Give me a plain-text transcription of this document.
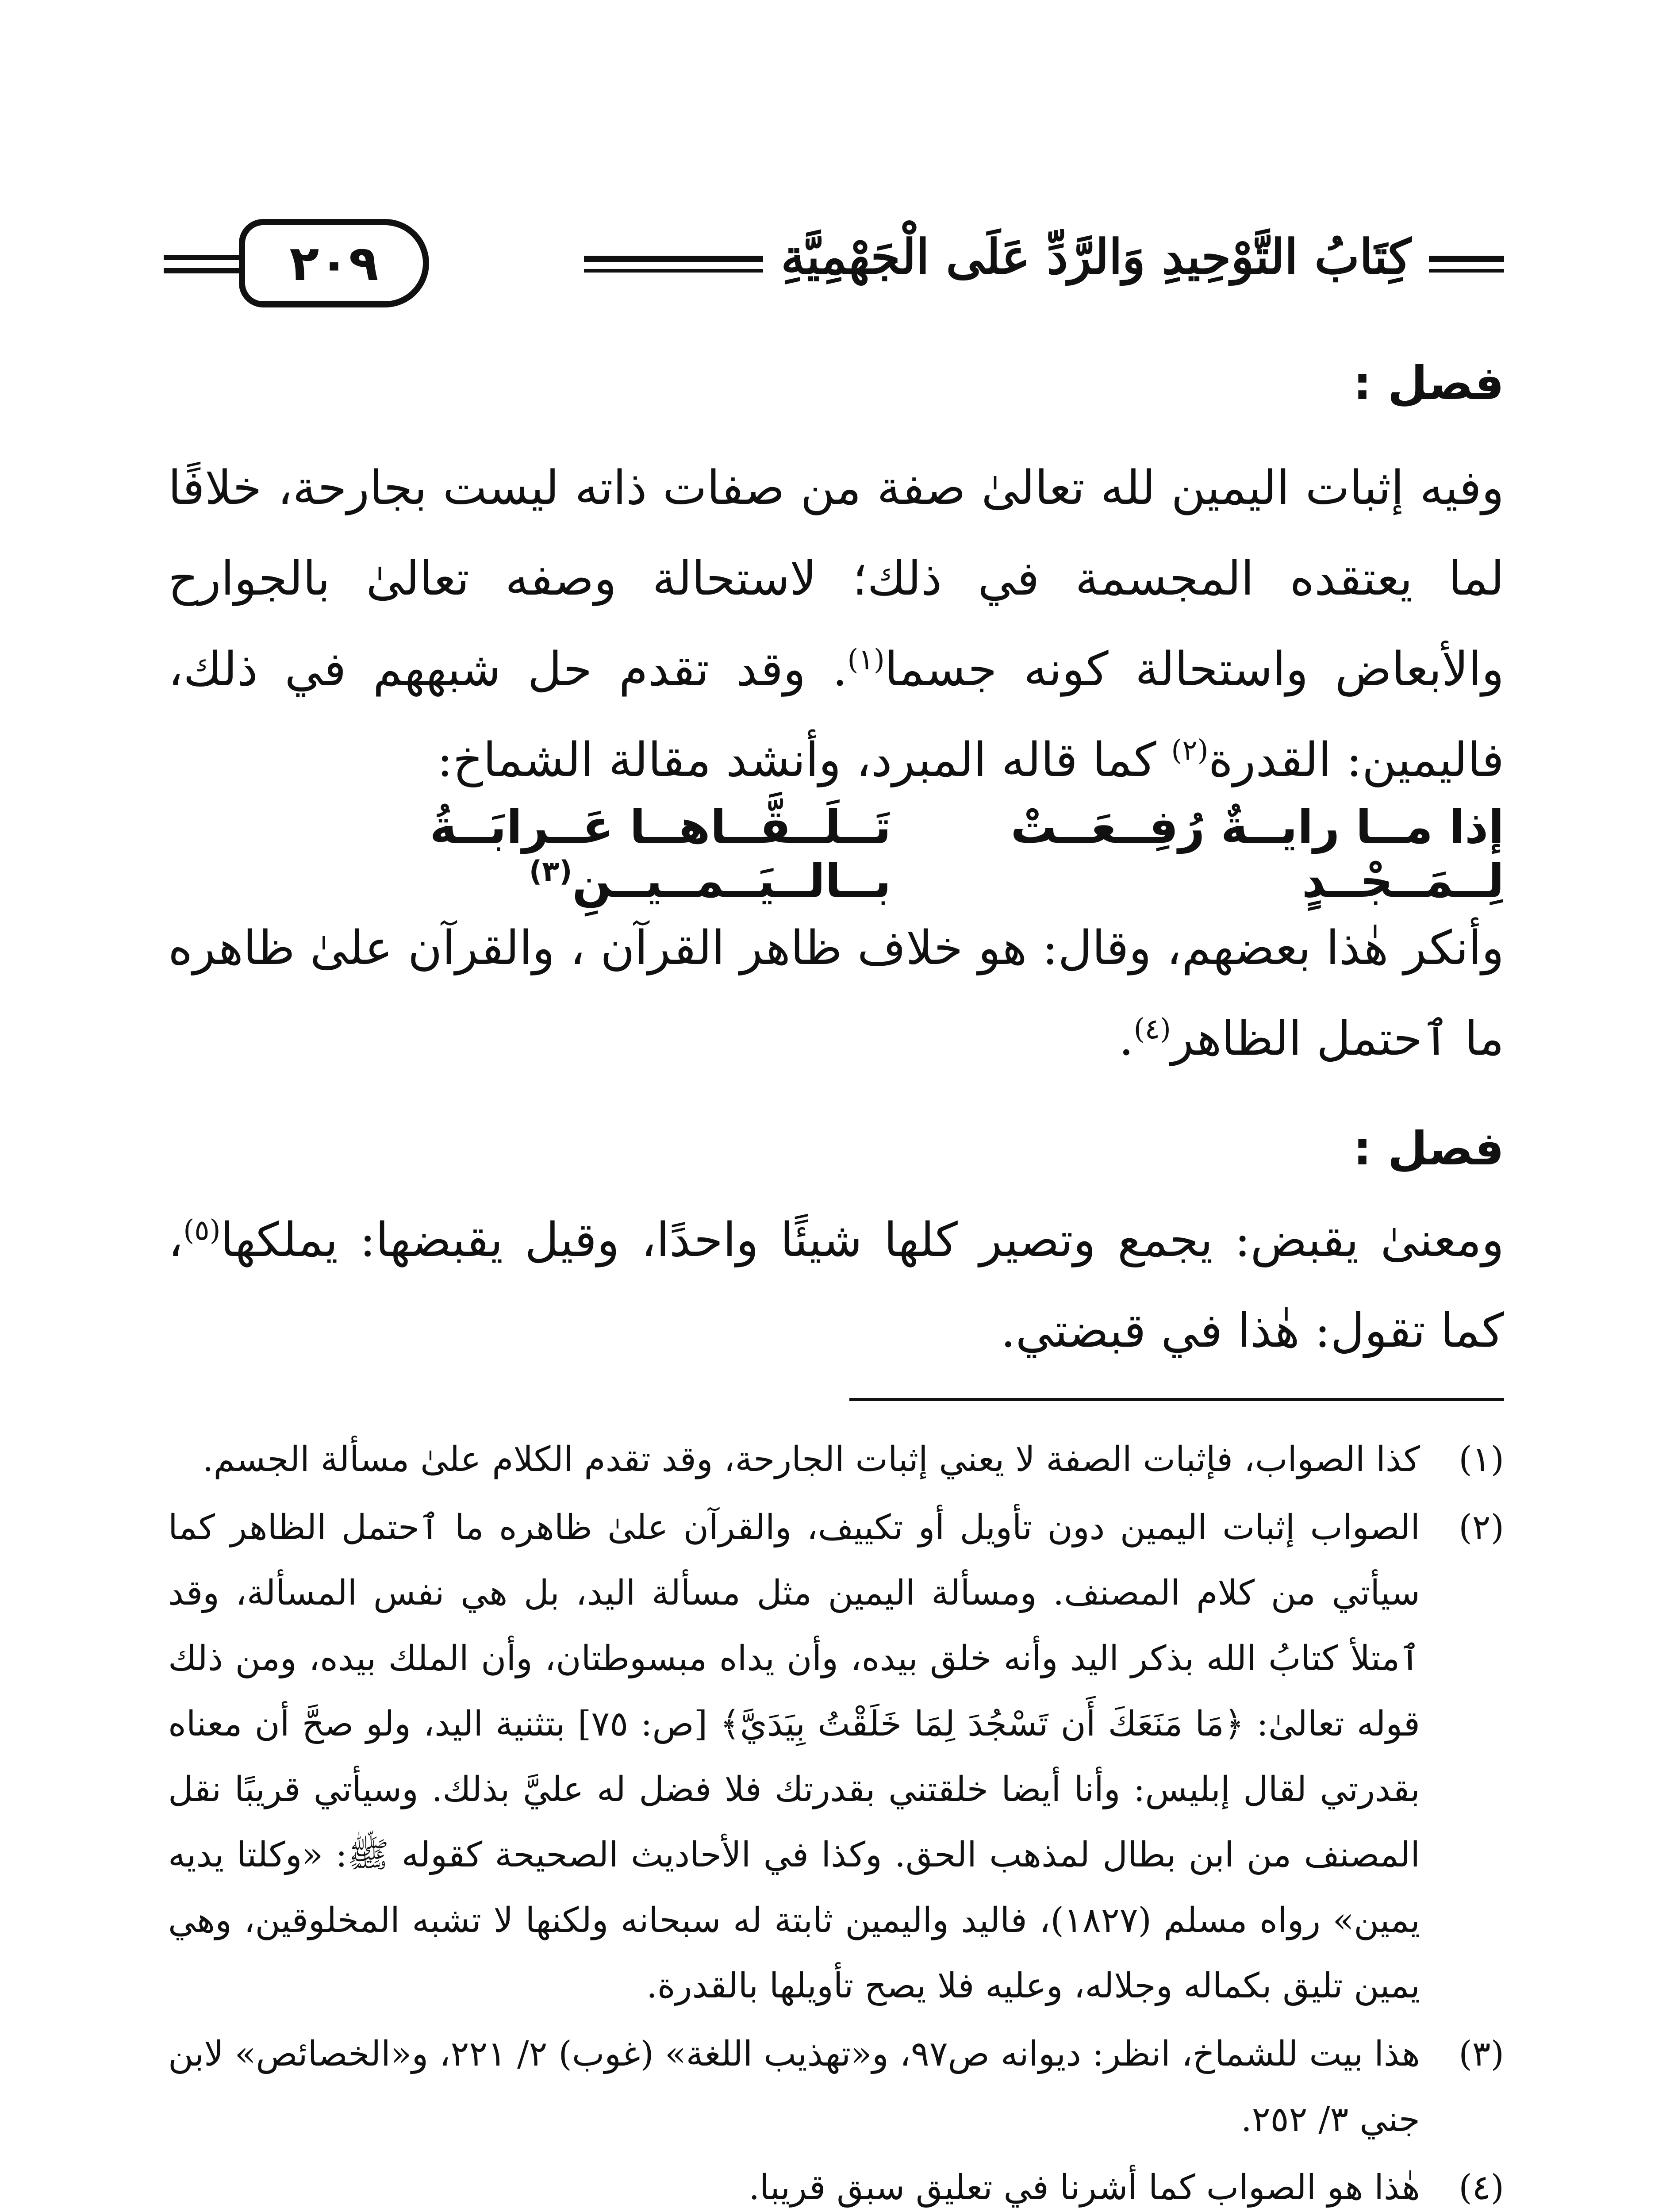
٢٠٩	كِتَابُ التَّوْحِيدِ وَالرَّدِّ عَلَى الْجَهْمِيَّةِ
فصل :

وفيه إثبات اليمين لله تعالىٰ صفة من صفات ذاته ليست بجارحة، خلافًا لما يعتقده المجسمة في ذلك؛ لاستحالة وصفه تعالىٰ بالجوارح والأبعاض واستحالة كونه جسما$^{(١)}$. وقد تقدم حل شبههم في ذلك، فاليمين: القدرة$^{(٢)}$ كما قاله المبرد، وأنشد مقالة الشماخ:

إذا مــا رايــةٌ رُفِــعَــتْ لِــمَــجْــدٍ
تَــلَــقَّــاهــا عَــرابَــةُ بــالــيَــمــيــنِ$^{(٣)}$

وأنكر هٰذا بعضهم، وقال: هو خلاف ظاهر القرآن ، والقرآن علىٰ ظاهره ما ٱحتمل الظاهر$^{(٤)}$.

فصل :

ومعنىٰ يقبض: يجمع وتصير كلها شيئًا واحدًا، وقيل يقبضها: يملكها$^{(٥)}$، كما تقول: هٰذا في قبضتي.

(١)
كذا الصواب، فإثبات الصفة لا يعني إثبات الجارحة، وقد تقدم الكلام علىٰ مسألة الجسم.
(٢)
الصواب إثبات اليمين دون تأويل أو تكييف، والقرآن علىٰ ظاهره ما ٱحتمل الظاهر كما سيأتي من كلام المصنف. ومسألة اليمين مثل مسألة اليد، بل هي نفس المسألة، وقد ٱمتلأ كتابُ الله بذكر اليد وأنه خلق بيده، وأن يداه مبسوطتان، وأن الملك بيده، ومن ذلك قوله تعالىٰ: ﴿مَا مَنَعَكَ أَن تَسْجُدَ لِمَا خَلَقْتُ بِيَدَيَّ﴾ [ص: ٧٥] بتثنية اليد، ولو صحَّ أن معناه بقدرتي لقال إبليس: وأنا أيضا خلقتني بقدرتك فلا فضل له عليَّ بذلك. وسيأتي قريبًا نقل المصنف من ابن بطال لمذهب الحق. وكذا في الأحاديث الصحيحة كقوله ﷺ: «وكلتا يديه يمين» رواه مسلم (١٨٢٧)، فاليد واليمين ثابتة له سبحانه ولكنها لا تشبه المخلوقين، وهي يمين تليق بكماله وجلاله، وعليه فلا يصح تأويلها بالقدرة.
(٣)
هذا بيت للشماخ، انظر: ديوانه ص٩٧، و«تهذيب اللغة» (غوب) ٢/ ٢٢١، و«الخصائص» لابن جني ٣/ ٢٥٢.
(٤)
هٰذا هو الصواب كما أشرنا في تعليق سبق قريبا.
